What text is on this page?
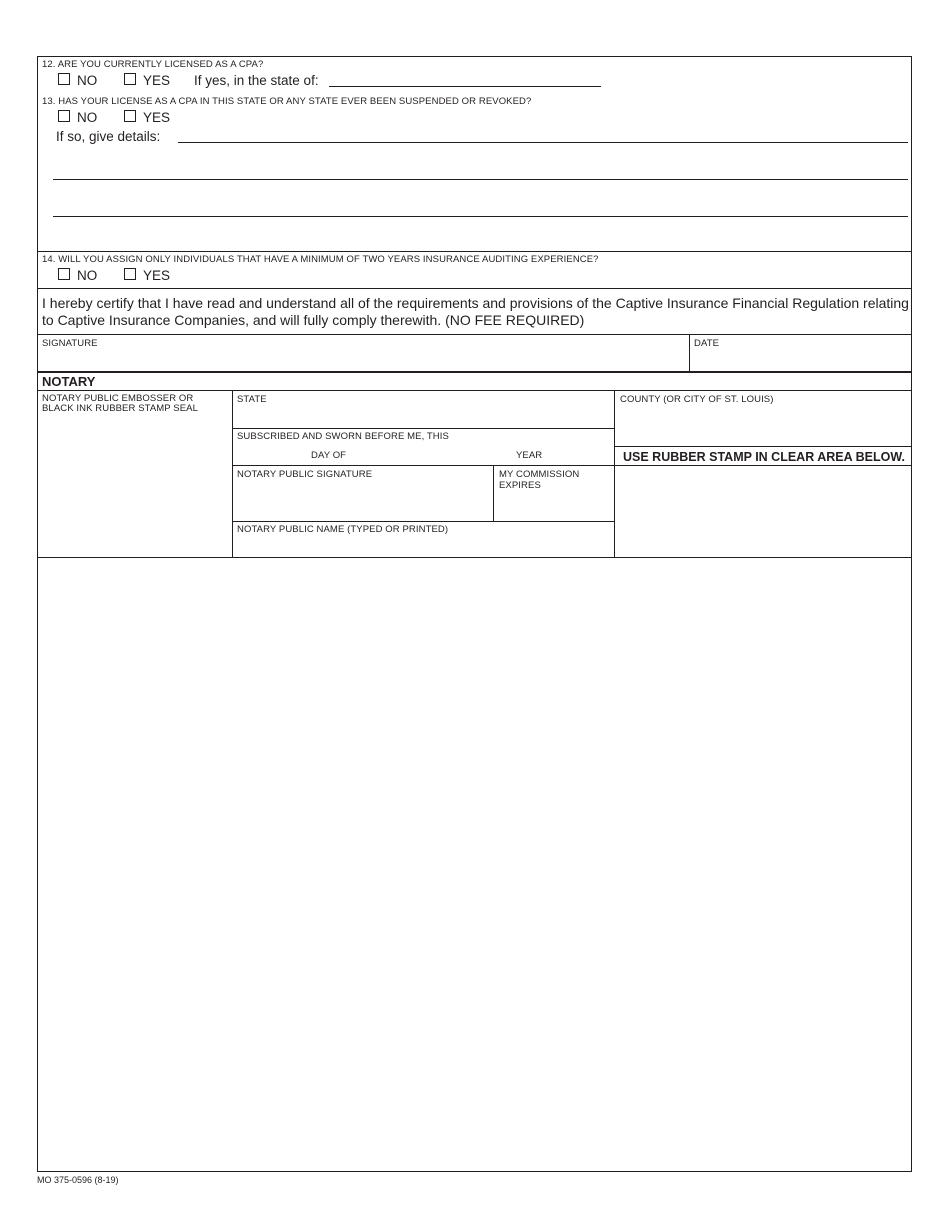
12. ARE YOU CURRENTLY LICENSED AS A CPA?
NO	YES If yes, in the state of:
13. HAS YOUR LICENSE AS A CPA IN THIS STATE OR ANY STATE EVER BEEN SUSPENDED OR REVOKED?
NO	YES
If so, give details:
14. WILL YOU ASSIGN ONLY INDIVIDUALS THAT HAVE A MINIMUM OF TWO YEARS INSURANCE AUDITING EXPERIENCE?
NO	YES
I hereby certify that I have read and understand all of the requirements and provisions of the Captive Insurance Financial Regulation relating
to Captive Insurance Companies, and will fully comply therewith. (NO FEE REQUIRED)
SIGNATURE	DATE
NOTARY
NOTARY PUBLIC EMBOSSER OR
BLACK INK RUBBER STAMP SEAL
STATE	COUNTY (OR CITY OF ST. LOUIS)
SUBSCRIBED AND SWORN BEFORE ME, THIS
DAY OF	YEAR	USE RUBBER STAMP IN CLEAR AREA BELOW.
NOTARY PUBLIC SIGNATURE	MY COMMISSION
EXPIRES
NOTARY PUBLIC NAME (TYPED OR PRINTED)
MO 375-0596 (8-19)
